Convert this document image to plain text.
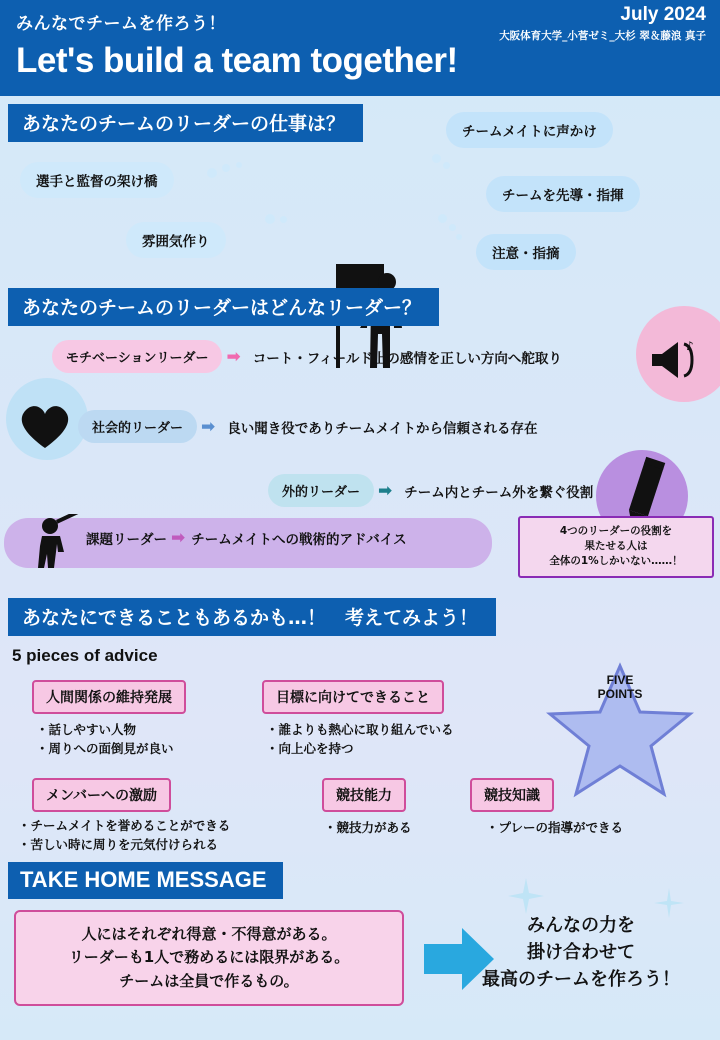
July 2024
大阪体育大学_小菅ゼミ_大杉 翠＆藤浪 真子
みんなでチームを作ろう！
Let's build a team together!
あなたのチームのリーダーの仕事は？
選手と監督の架け橋
雰囲気作り
チームメイトに声かけ
チームを先導・指揮
注意・指摘
あなたのチームのリーダーはどんなリーダー？
モチベーションリーダー	➡ コート・フィールド上の感情を正しい方向へ舵取り
♪
社会的リーダー	➡ 良い聞き役でありチームメイトから信頼される存在
外的リーダー	➡ チーム内とチーム外を繋ぐ役割
課題リーダー ➡ チームメイトへの戦術的アドバイス
4つのリーダーの役割を
果たせる人は
全体の1%しかいない……！
あなたにできることもあるかも…！　考えてみよう！
5 pieces of advice
FIVE
POINTS
人間関係の維持発展
・話しやすい人物
・周りへの面倒見が良い
目標に向けてできること
・誰よりも熱心に取り組んでいる
・向上心を持つ
メンバーへの激励
・チームメイトを誉めることができる
・苦しい時に周りを元気付けられる
競技能力
・競技力がある
競技知識
・プレーの指導ができる
TAKE HOME MESSAGE
人にはそれぞれ得意・不得意がある。
リーダーも1人で務めるには限界がある。
チームは全員で作るもの。
みんなの力を
掛け合わせて
最高のチームを作ろう！
